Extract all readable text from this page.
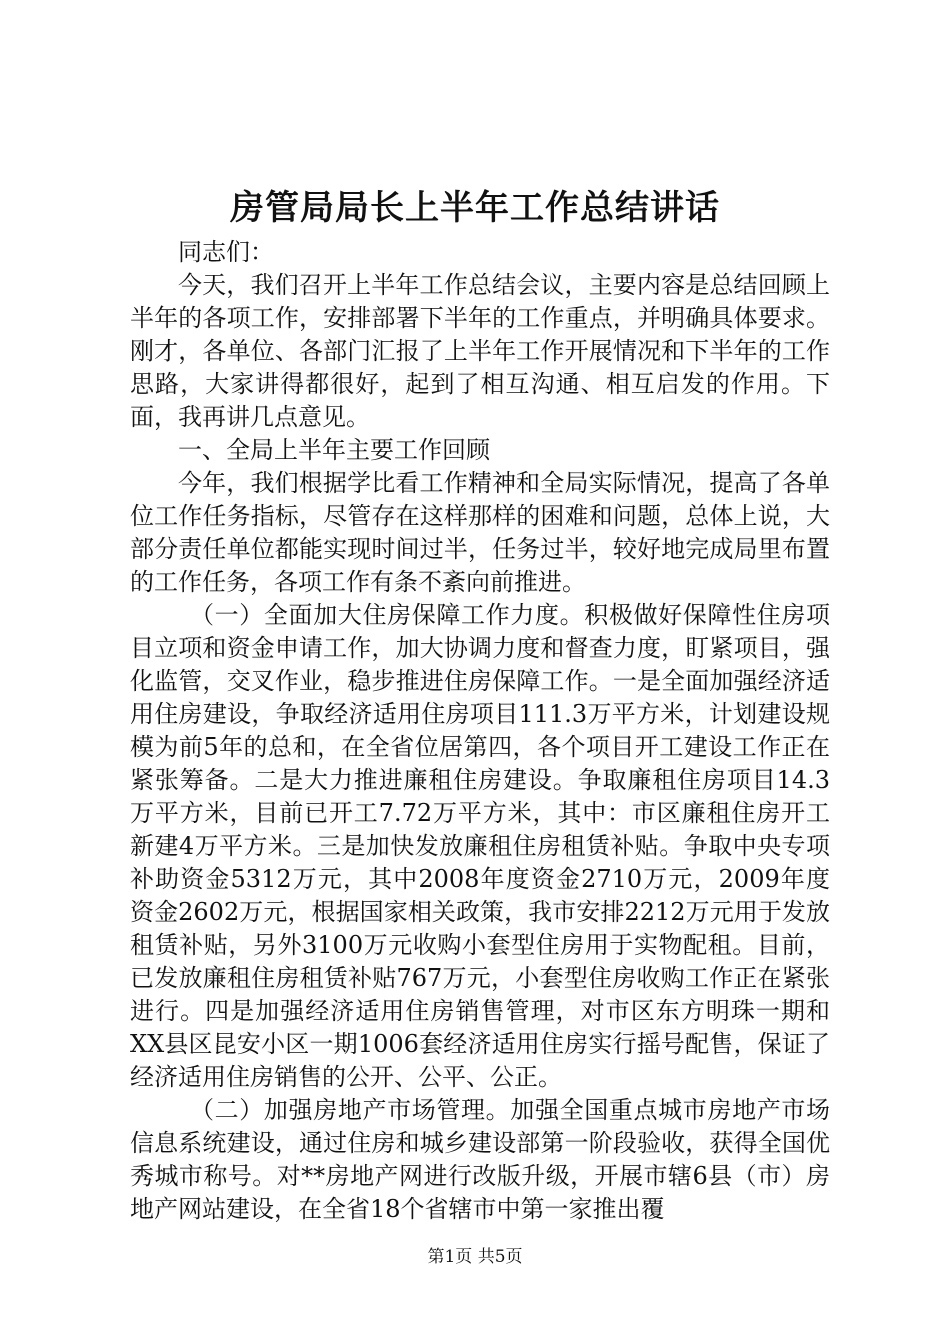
房管局局长上半年工作总结讲话

同志们：

今天，我们召开上半年工作总结会议，主要内容是总结回顾上半年的各项工作，安排部署下半年的工作重点，并明确具体要求。刚才，各单位、各部门汇报了上半年工作开展情况和下半年的工作思路，大家讲得都很好，起到了相互沟通、相互启发的作用。下面，我再讲几点意见。

一、全局上半年主要工作回顾

今年，我们根据学比看工作精神和全局实际情况，提高了各单位工作任务指标，尽管存在这样那样的困难和问题，总体上说，大部分责任单位都能实现时间过半，任务过半，较好地完成局里布置的工作任务，各项工作有条不紊向前推进。

（一）全面加大住房保障工作力度。积极做好保障性住房项目立项和资金申请工作，加大协调力度和督查力度，盯紧项目，强化监管，交叉作业，稳步推进住房保障工作。一是全面加强经济适用住房建设，争取经济适用住房项目111.3万平方米，计划建设规模为前5年的总和，在全省位居第四，各个项目开工建设工作正在紧张筹备。二是大力推进廉租住房建设。争取廉租住房项目14.3万平方米，目前已开工7.72万平方米，其中：市区廉租住房开工新建4万平方米。三是加快发放廉租住房租赁补贴。争取中央专项补助资金5312万元，其中2008年度资金2710万元，2009年度资金2602万元，根据国家相关政策，我市安排2212万元用于发放租赁补贴，另外3100万元收购小套型住房用于实物配租。目前，已发放廉租住房租赁补贴767万元，小套型住房收购工作正在紧张进行。四是加强经济适用住房销售管理，对市区东方明珠一期和XX县区昆安小区一期1006套经济适用住房实行摇号配售，保证了经济适用住房销售的公开、公平、公正。

（二）加强房地产市场管理。加强全国重点城市房地产市场信息系统建设，通过住房和城乡建设部第一阶段验收，获得全国优秀城市称号。对**房地产网进行改版升级，开展市辖6县（市）房地产网站建设，在全省18个省辖市中第一家推出覆

第1页 共5页
